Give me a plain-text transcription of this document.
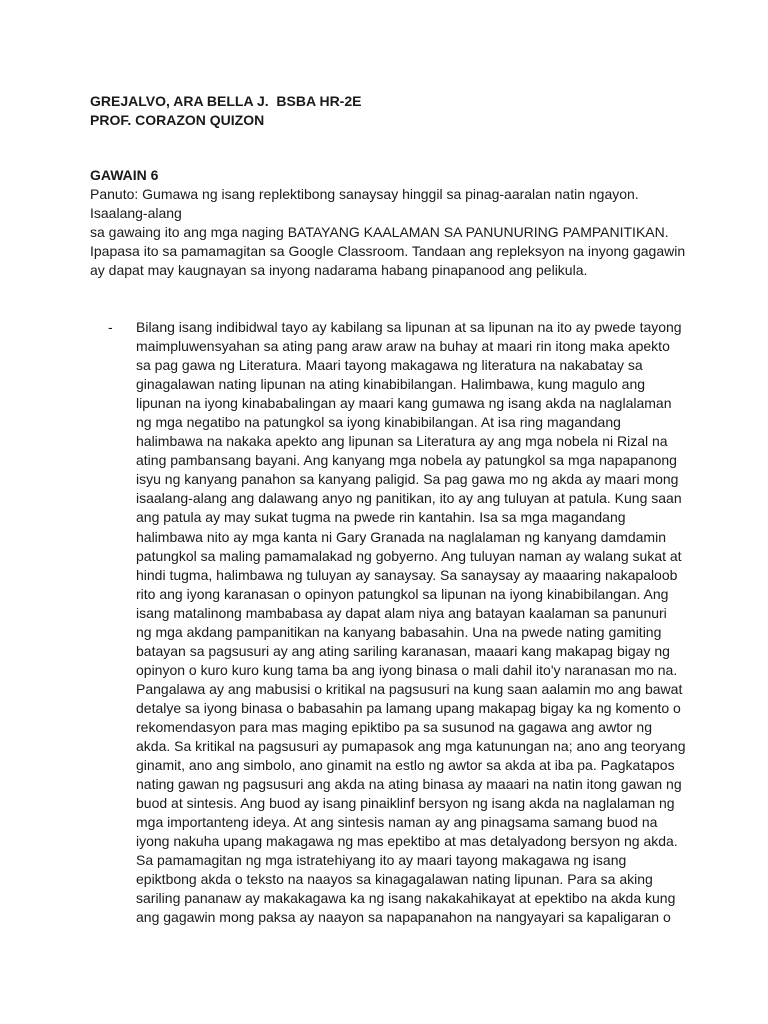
GREJALVO, ARA BELLA J.  BSBA HR-2E
PROF. CORAZON QUIZON
GAWAIN 6
Panuto: Gumawa ng isang replektibong sanaysay hinggil sa pinag-aaralan natin ngayon.
Isaalang-alang
sa gawaing ito ang mga naging BATAYANG KAALAMAN SA PANUNURING PAMPANITIKAN.
Ipapasa ito sa pamamagitan sa Google Classroom. Tandaan ang repleksyon na inyong gagawin
ay dapat may kaugnayan sa inyong nadarama habang pinapanood ang pelikula.
- Bilang isang indibidwal tayo ay kabilang sa lipunan at sa lipunan na ito ay pwede tayong
maimpluwensyahan sa ating pang araw araw na buhay at maari rin itong maka apekto
sa pag gawa ng Literatura. Maari tayong makagawa ng literatura na nakabatay sa
ginagalawan nating lipunan na ating kinabibilangan. Halimbawa, kung magulo ang
lipunan na iyong kinababalingan ay maari kang gumawa ng isang akda na naglalaman
ng mga negatibo na patungkol sa iyong kinabibilangan. At isa ring magandang
halimbawa na nakaka apekto ang lipunan sa Literatura ay ang mga nobela ni Rizal na
ating pambansang bayani. Ang kanyang mga nobela ay patungkol sa mga napapanong
isyu ng kanyang panahon sa kanyang paligid. Sa pag gawa mo ng akda ay maari mong
isaalang-alang ang dalawang anyo ng panitikan, ito ay ang tuluyan at patula. Kung saan
ang patula ay may sukat tugma na pwede rin kantahin. Isa sa mga magandang
halimbawa nito ay mga kanta ni Gary Granada na naglalaman ng kanyang damdamin
patungkol sa maling pamamalakad ng gobyerno. Ang tuluyan naman ay walang sukat at
hindi tugma, halimbawa ng tuluyan ay sanaysay. Sa sanaysay ay maaaring nakapaloob
rito ang iyong karanasan o opinyon patungkol sa lipunan na iyong kinabibilangan. Ang
isang matalinong mambabasa ay dapat alam niya ang batayan kaalaman sa panunuri
ng mga akdang pampanitikan na kanyang babasahin. Una na pwede nating gamiting
batayan sa pagsusuri ay ang ating sariling karanasan, maaari kang makapag bigay ng
opinyon o kuro kuro kung tama ba ang iyong binasa o mali dahil ito'y naranasan mo na.
Pangalawa ay ang mabusisi o kritikal na pagsusuri na kung saan aalamin mo ang bawat
detalye sa iyong binasa o babasahin pa lamang upang makapag bigay ka ng komento o
rekomendasyon para mas maging epiktibo pa sa susunod na gagawa ang awtor ng
akda. Sa kritikal na pagsusuri ay pumapasok ang mga katunungan na; ano ang teoryang
ginamit, ano ang simbolo, ano ginamit na estlo ng awtor sa akda at iba pa. Pagkatapos
nating gawan ng pagsusuri ang akda na ating binasa ay maaari na natin itong gawan ng
buod at sintesis. Ang buod ay isang pinaiklinf bersyon ng isang akda na naglalaman ng
mga importanteng ideya. At ang sintesis naman ay ang pinagsama samang buod na
iyong nakuha upang makagawa ng mas epektibo at mas detalyadong bersyon ng akda.
Sa pamamagitan ng mga istratehiyang ito ay maari tayong makagawa ng isang
epiktbong akda o teksto na naayos sa kinagagalawan nating lipunan. Para sa aking
sariling pananaw ay makakagawa ka ng isang nakakahikayat at epektibo na akda kung
ang gagawin mong paksa ay naayon sa napapanahon na nangyayari sa kapaligaran o
